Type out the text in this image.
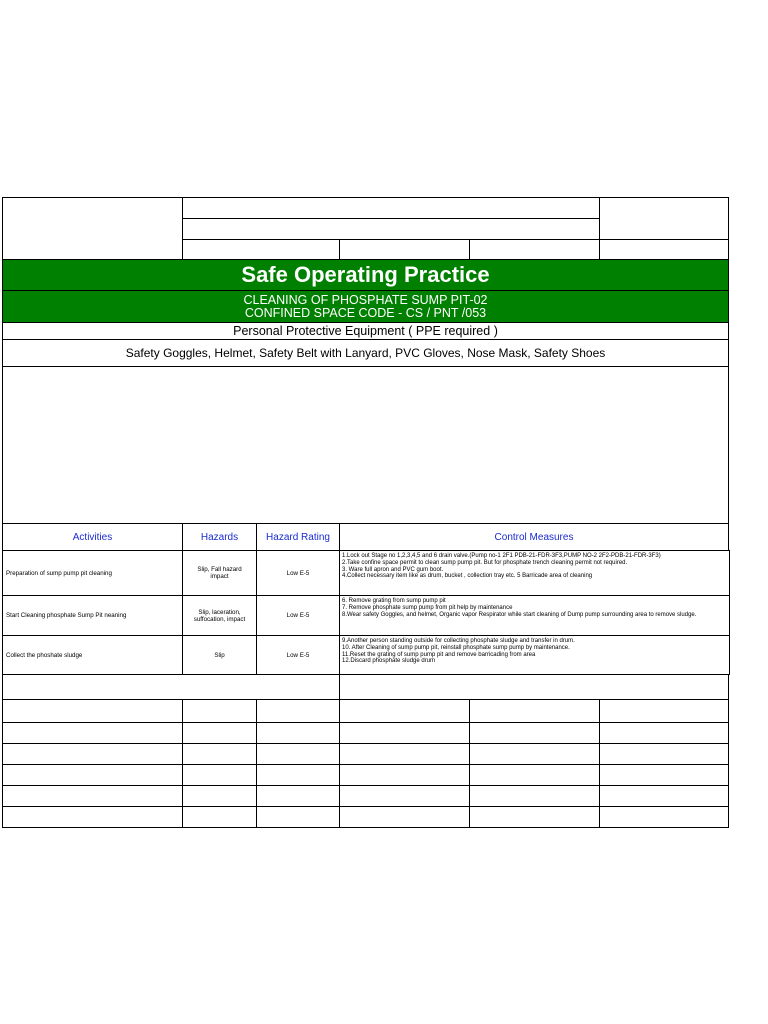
Safe Operating Practice
CLEANING OF PHOSPHATE SUMP PIT-02
CONFINED SPACE CODE - CS / PNT /053
Personal Protective Equipment ( PPE required )
Safety Goggles, Helmet, Safety Belt with Lanyard, PVC Gloves, Nose Mask, Safety Shoes
Activities	Hazards	Hazard Rating	Control Measures
Preparation of sump pump pit cleaning	Slip, Fall hazard impact	Low E-5
1.Lock out Stage no 1,2,3,4,5 and 6 drain valve.(Pump no-1 2F1 PDB-21-FDR-3F3,PUMP NO-2 2F2-PDB-21-FDR-3F3)
2.Take confine space permit to clean sump pump pit. But for phosphate trench cleaning permit not required.
3. Ware full apron and PVC gum boot.
4.Collect necessary item like as drum, bucket , collection tray etc. 5 Barricade area of cleaning
Start Cleaning phosphate Sump Pit neaning	Slip, laceration, suffocation, impact	Low E-5
6. Remove grating from sump pump pit
7. Remove phosphate sump pump from pit help by maintenance
8.Wear safety Goggles, and helmet, Organic vapor Respirator while start cleaning of Dump pump surrounding area to remove sludge.
Collect the phoshate sludge	Slip	Low E-5
9.Another person standing outside for collecting phosphate sludge and transfer in drum.
10. After Cleaning of sump pump pit, reinstall phosphate sump pump by maintenance.
11.Reset the grating of sump pump pit and remove barricading from area
12.Discard phosphate sludge drum
